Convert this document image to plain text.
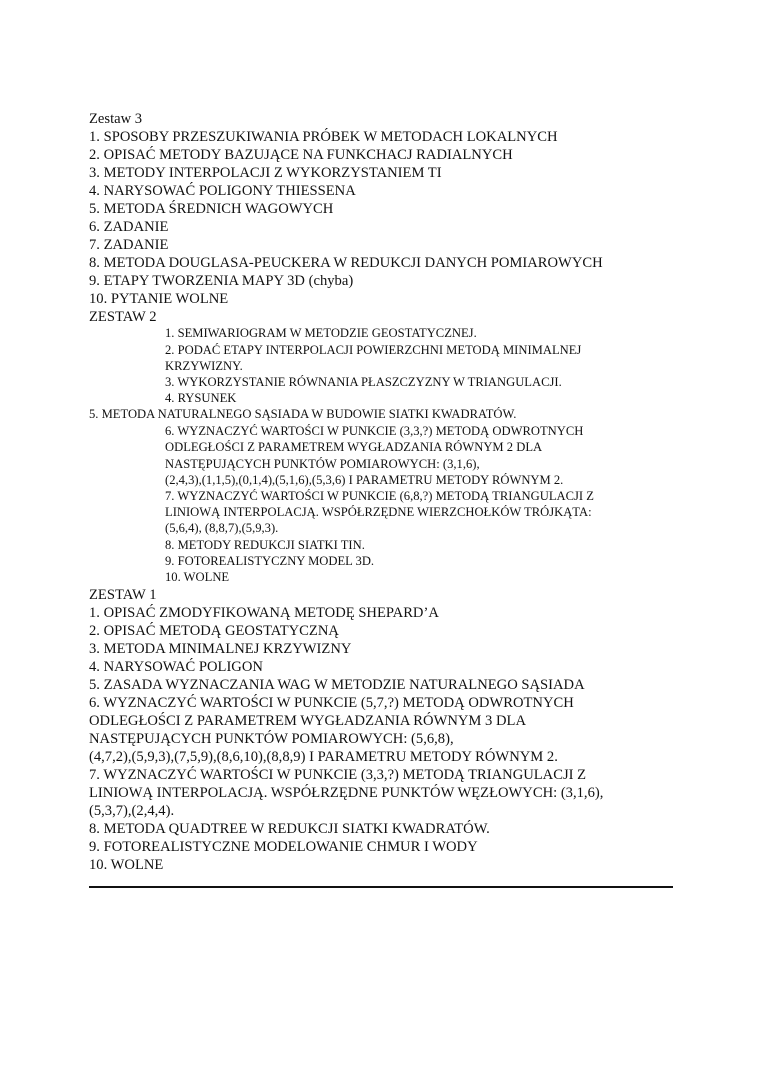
Zestaw 3
1. SPOSOBY PRZESZUKIWANIA PRÓBEK W METODACH LOKALNYCH
2. OPISAĆ METODY BAZUJĄCE NA FUNKCHACJ RADIALNYCH
3. METODY INTERPOLACJI Z WYKORZYSTANIEM TI
4. NARYSOWAĆ POLIGONY THIESSENA
5. METODA ŚREDNICH WAGOWYCH
6. ZADANIE
7. ZADANIE
8. METODA DOUGLASA-PEUCKERA W REDUKCJI DANYCH POMIAROWYCH
9. ETAPY TWORZENIA MAPY 3D (chyba)
10. PYTANIE WOLNE
ZESTAW 2
1. SEMIWARIOGRAM W METODZIE GEOSTATYCZNEJ.
2. PODAĆ ETAPY INTERPOLACJI POWIERZCHNI METODĄ MINIMALNEJ
KRZYWIZNY.
3. WYKORZYSTANIE RÓWNANIA PŁASZCZYZNY W TRIANGULACJI.
4. RYSUNEK
5. METODA NATURALNEGO SĄSIADA W BUDOWIE SIATKI KWADRATÓW.
6. WYZNACZYĆ WARTOŚCI W PUNKCIE (3,3,?) METODĄ ODWROTNYCH
ODLEGŁOŚCI Z PARAMETREM WYGŁADZANIA RÓWNYM 2 DLA
NASTĘPUJĄCYCH PUNKTÓW POMIAROWYCH: (3,1,6),
(2,4,3),(1,1,5),(0,1,4),(5,1,6),(5,3,6) I PARAMETRU METODY RÓWNYM 2.
7. WYZNACZYĆ WARTOŚCI W PUNKCIE (6,8,?) METODĄ TRIANGULACJI Z
LINIOWĄ INTERPOLACJĄ. WSPÓŁRZĘDNE WIERZCHOŁKÓW TRÓJKĄTA:
(5,6,4), (8,8,7),(5,9,3).
8. METODY REDUKCJI SIATKI TIN.
9. FOTOREALISTYCZNY MODEL 3D.
10. WOLNE
ZESTAW 1
1. OPISAĆ ZMODYFIKOWANĄ METODĘ SHEPARD’A
2. OPISAĆ METODĄ GEOSTATYCZNĄ
3. METODA MINIMALNEJ KRZYWIZNY
4. NARYSOWAĆ POLIGON
5. ZASADA WYZNACZANIA WAG W METODZIE NATURALNEGO SĄSIADA
6. WYZNACZYĆ WARTOŚCI W PUNKCIE (5,7,?) METODĄ ODWROTNYCH
ODLEGŁOŚCI Z PARAMETREM WYGŁADZANIA RÓWNYM 3 DLA
NASTĘPUJĄCYCH PUNKTÓW POMIAROWYCH: (5,6,8),
(4,7,2),(5,9,3),(7,5,9),(8,6,10),(8,8,9) I PARAMETRU METODY RÓWNYM 2.
7. WYZNACZYĆ WARTOŚCI W PUNKCIE (3,3,?) METODĄ TRIANGULACJI Z
LINIOWĄ INTERPOLACJĄ. WSPÓŁRZĘDNE PUNKTÓW WĘZŁOWYCH: (3,1,6),
(5,3,7),(2,4,4).
8. METODA QUADTREE W REDUKCJI SIATKI KWADRATÓW.
9. FOTOREALISTYCZNE MODELOWANIE CHMUR I WODY
10. WOLNE
